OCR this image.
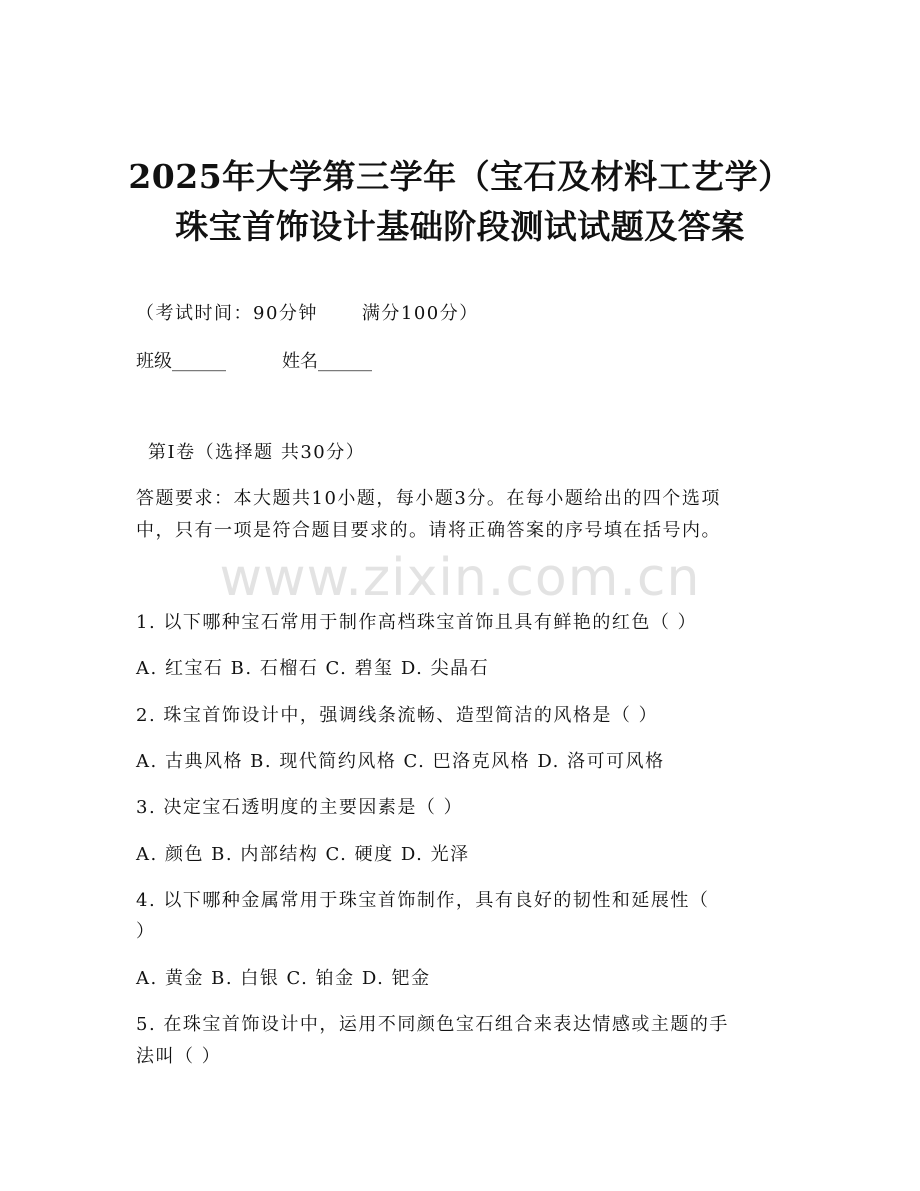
2025年大学第三学年（宝石及材料工艺学）
珠宝首饰设计基础阶段测试试题及答案
（考试时间：90分钟 满分100分）
班级______	姓名______
第I卷（选择题 共30分）
答题要求：本大题共10小题，每小题3分。在每小题给出的四个选项
中，只有一项是符合题目要求的。请将正确答案的序号填在括号内。
www.zixin.com.cn
1. 以下哪种宝石常用于制作高档珠宝首饰且具有鲜艳的红色（ ）
A. 红宝石 B. 石榴石 C. 碧玺 D. 尖晶石
2. 珠宝首饰设计中，强调线条流畅、造型简洁的风格是（ ）
A. 古典风格 B. 现代简约风格 C. 巴洛克风格 D. 洛可可风格
3. 决定宝石透明度的主要因素是（ ）
A. 颜色 B. 内部结构 C. 硬度 D. 光泽
4. 以下哪种金属常用于珠宝首饰制作，具有良好的韧性和延展性（
）
A. 黄金 B. 白银 C. 铂金 D. 钯金
5. 在珠宝首饰设计中，运用不同颜色宝石组合来表达情感或主题的手
法叫（ ）
